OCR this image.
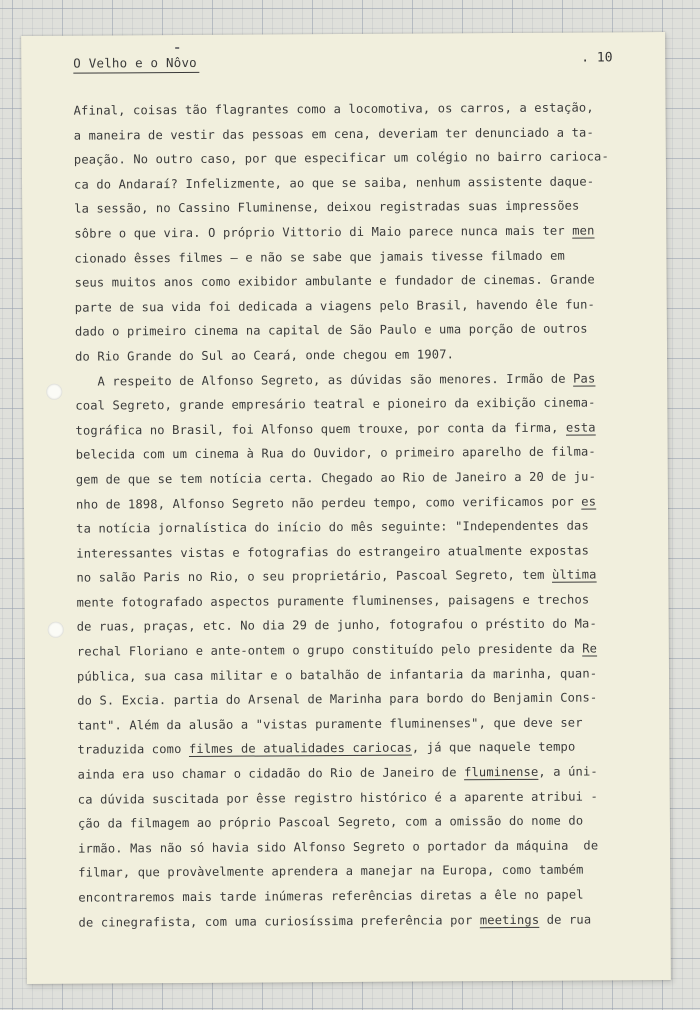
O Velho e o Nôvo	. 10
Afinal, coisas tão flagrantes como a locomotiva, os carros, a estação,
a maneira de vestir das pessoas em cena, deveriam ter denunciado a ta-
peação. No outro caso, por que especificar um colégio no bairro carioca-
ca do Andaraí? Infelizmente, ao que se saiba, nenhum assistente daque-
la sessão, no Cassino Fluminense, deixou registradas suas impressões
sôbre o que vira. O próprio Vittorio di Maio parece nunca mais ter men
cionado êsses filmes — e não se sabe que jamais tivesse filmado em
seus muitos anos como exibidor ambulante e fundador de cinemas. Grande
parte de sua vida foi dedicada a viagens pelo Brasil, havendo êle fun-
dado o primeiro cinema na capital de São Paulo e uma porção de outros
do Rio Grande do Sul ao Ceará, onde chegou em 1907.
A respeito de Alfonso Segreto, as dúvidas são menores. Irmão de Pas
coal Segreto, grande empresário teatral e pioneiro da exibição cinema-
tográfica no Brasil, foi Alfonso quem trouxe, por conta da firma, esta
belecida com um cinema à Rua do Ouvidor, o primeiro aparelho de filma-
gem de que se tem notícia certa. Chegado ao Rio de Janeiro a 20 de ju-
nho de 1898, Alfonso Segreto não perdeu tempo, como verificamos por es
ta notícia jornalística do início do mês seguinte: "Independentes das
interessantes vistas e fotografias do estrangeiro atualmente expostas
no salão Paris no Rio, o seu proprietário, Pascoal Segreto, tem ùltima
mente fotografado aspectos puramente fluminenses, paisagens e trechos
de ruas, praças, etc. No dia 29 de junho, fotografou o préstito do Ma-
rechal Floriano e ante-ontem o grupo constituído pelo presidente da Re
pública, sua casa militar e o batalhão de infantaria da marinha, quan-
do S. Excia. partia do Arsenal de Marinha para bordo do Benjamin Cons-
tant". Além da alusão a "vistas puramente fluminenses", que deve ser
traduzida como filmes de atualidades cariocas, já que naquele tempo
ainda era uso chamar o cidadão do Rio de Janeiro de fluminense, a úni-
ca dúvida suscitada por êsse registro histórico é a aparente atribui -
ção da filmagem ao próprio Pascoal Segreto, com a omissão do nome do
irmão. Mas não só havia sido Alfonso Segreto o portador da máquina  de
filmar, que provàvelmente aprendera a manejar na Europa, como também
encontraremos mais tarde inúmeras referências diretas a êle no papel
de cinegrafista, com uma curiosíssima preferência por meetings de rua
